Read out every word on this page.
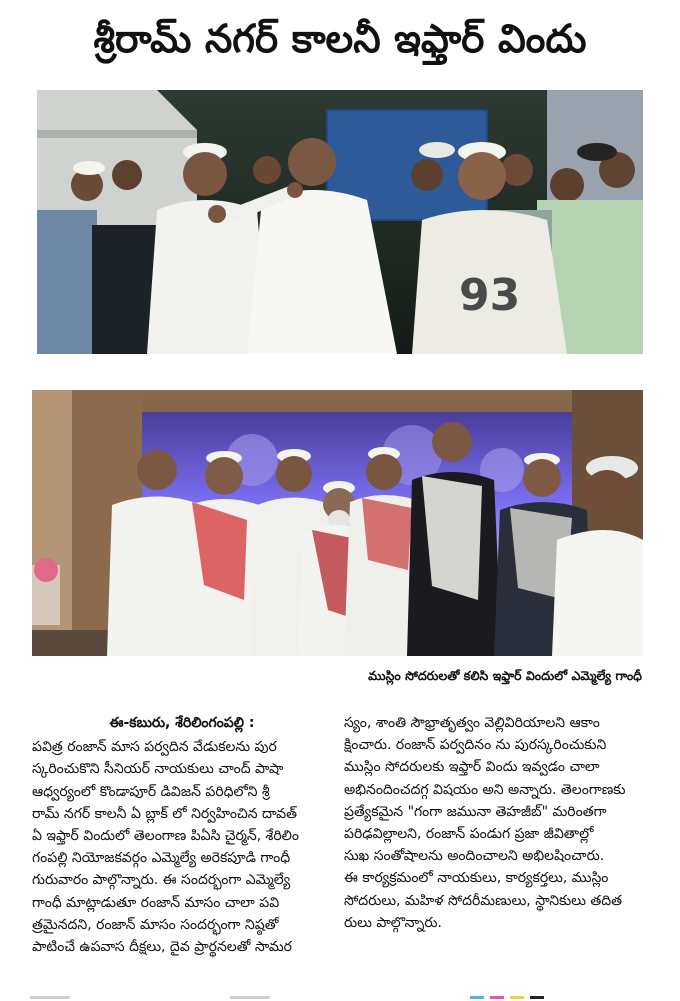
శ్రీరామ్ నగర్ కాలనీ ఇఫ్తార్ విందు
93
ముస్లిం సోదరులతో కలిసి ఇఫ్తార్ విందులో ఎమ్మెల్యే గాంధీ
ఈ-కబురు, శేరిలింగంపల్లి :
పవిత్ర రంజాన్ మాస పర్వదిన వేడుకలను పుర
స్కరించుకొని సీనియర్ నాయకులు చాంద్ పాషా
ఆధ్వర్యంలో కొండాపూర్ డివిజన్ పరిధిలోని శ్రీ
రామ్ నగర్ కాలనీ ఏ బ్లాక్ లో నిర్వహించిన దావత్
ఏ ఇఫ్తార్ విందులో తెలంగాణ పిఏసి చైర్మన్, శేరిలిం
గంపల్లి నియోజకవర్గం ఎమ్మెల్యే అరెకపూడి గాంధీ
గురువారం పాల్గొన్నారు. ఈ సందర్భంగా ఎమ్మెల్యే
గాంధీ మాట్లాడుతూ రంజాన్ మాసం చాలా పవి
త్రమైనదని, రంజాన్ మాసం సందర్భంగా నిష్ఠతో
పాటించే ఉపవాస దీక్షలు, దైవ ప్రార్థనలతో సామర
స్యం, శాంతి సౌభ్రాతృత్వం వెల్లివిరియాలని ఆకాం
క్షించారు. రంజాన్ పర్వదినం ను పురస్కరించుకుని
ముస్లిం సోదరులకు ఇఫ్తార్ విందు ఇవ్వడం చాలా
అభినందించదగ్గ విషయం అని అన్నారు. తెలంగాణకు
ప్రత్యేకమైన "గంగా జమునా తెహజీబ్" మరింతగా
పరిఢవిల్లాలని, రంజాన్ పండుగ ప్రజా జీవితాల్లో
సుఖ సంతోషాలను అందించాలని అభిలషించారు.
ఈ కార్యక్రమంలో నాయకులు, కార్యకర్తలు, ముస్లిం
సోదరులు, మహిళ సోదరీమణులు, స్థానికులు తదిత
రులు పాల్గొన్నారు.
